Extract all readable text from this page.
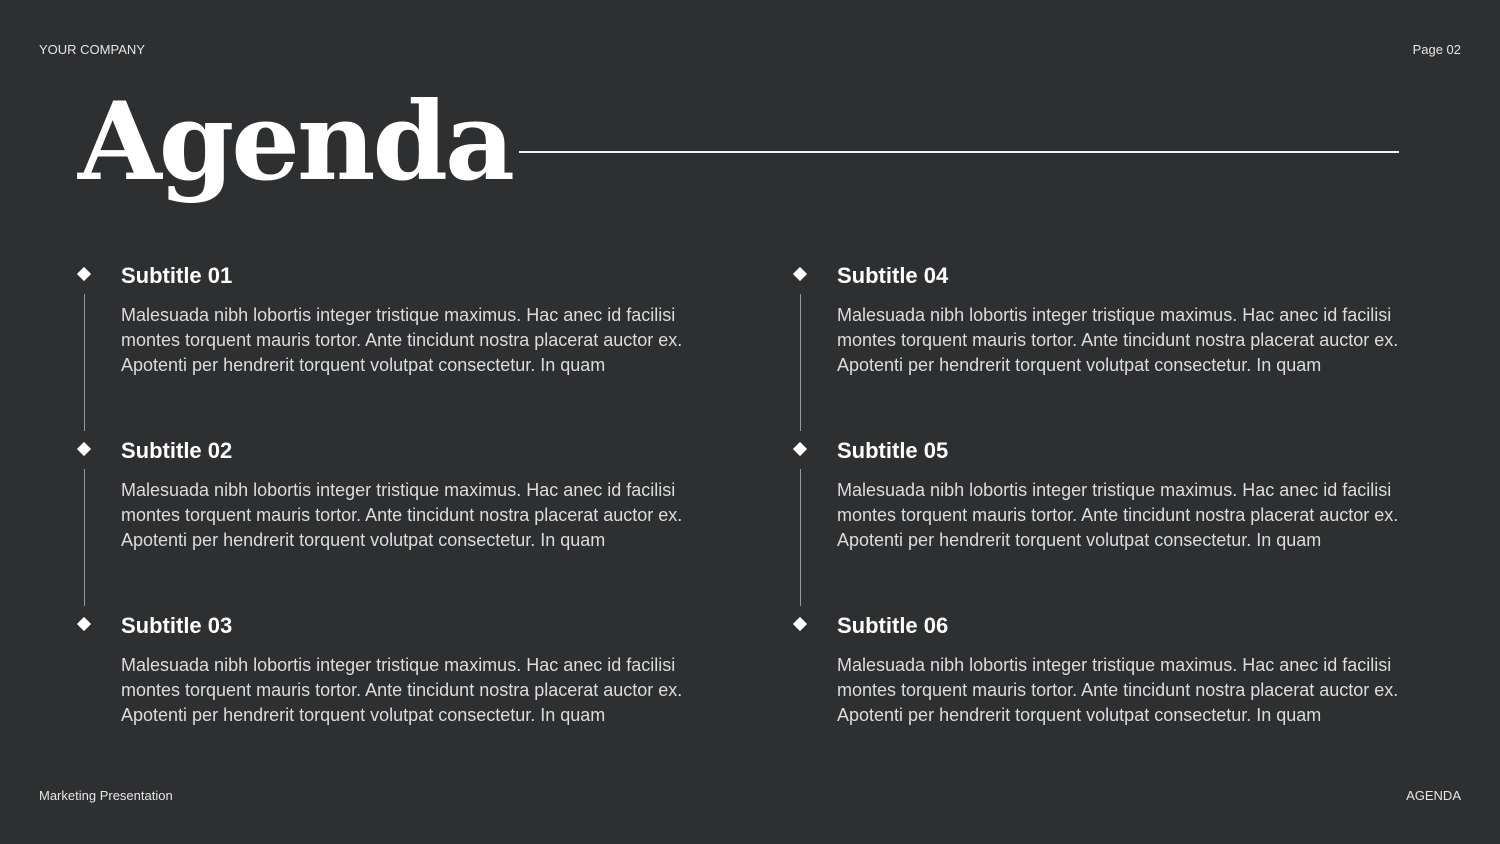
YOUR COMPANY	Page 02
Agenda
Subtitle 01
Malesuada nibh lobortis integer tristique maximus. Hac anec id facilisi montes torquent mauris tortor. Ante tincidunt nostra placerat auctor ex. Apotenti per hendrerit torquent volutpat consectetur. In quam
Subtitle 02
Malesuada nibh lobortis integer tristique maximus. Hac anec id facilisi montes torquent mauris tortor. Ante tincidunt nostra placerat auctor ex. Apotenti per hendrerit torquent volutpat consectetur. In quam
Subtitle 03
Malesuada nibh lobortis integer tristique maximus. Hac anec id facilisi montes torquent mauris tortor. Ante tincidunt nostra placerat auctor ex. Apotenti per hendrerit torquent volutpat consectetur. In quam
Subtitle 04
Malesuada nibh lobortis integer tristique maximus. Hac anec id facilisi montes torquent mauris tortor. Ante tincidunt nostra placerat auctor ex. Apotenti per hendrerit torquent volutpat consectetur. In quam
Subtitle 05
Malesuada nibh lobortis integer tristique maximus. Hac anec id facilisi montes torquent mauris tortor. Ante tincidunt nostra placerat auctor ex. Apotenti per hendrerit torquent volutpat consectetur. In quam
Subtitle 06
Malesuada nibh lobortis integer tristique maximus. Hac anec id facilisi montes torquent mauris tortor. Ante tincidunt nostra placerat auctor ex. Apotenti per hendrerit torquent volutpat consectetur. In quam
Marketing Presentation	AGENDA
